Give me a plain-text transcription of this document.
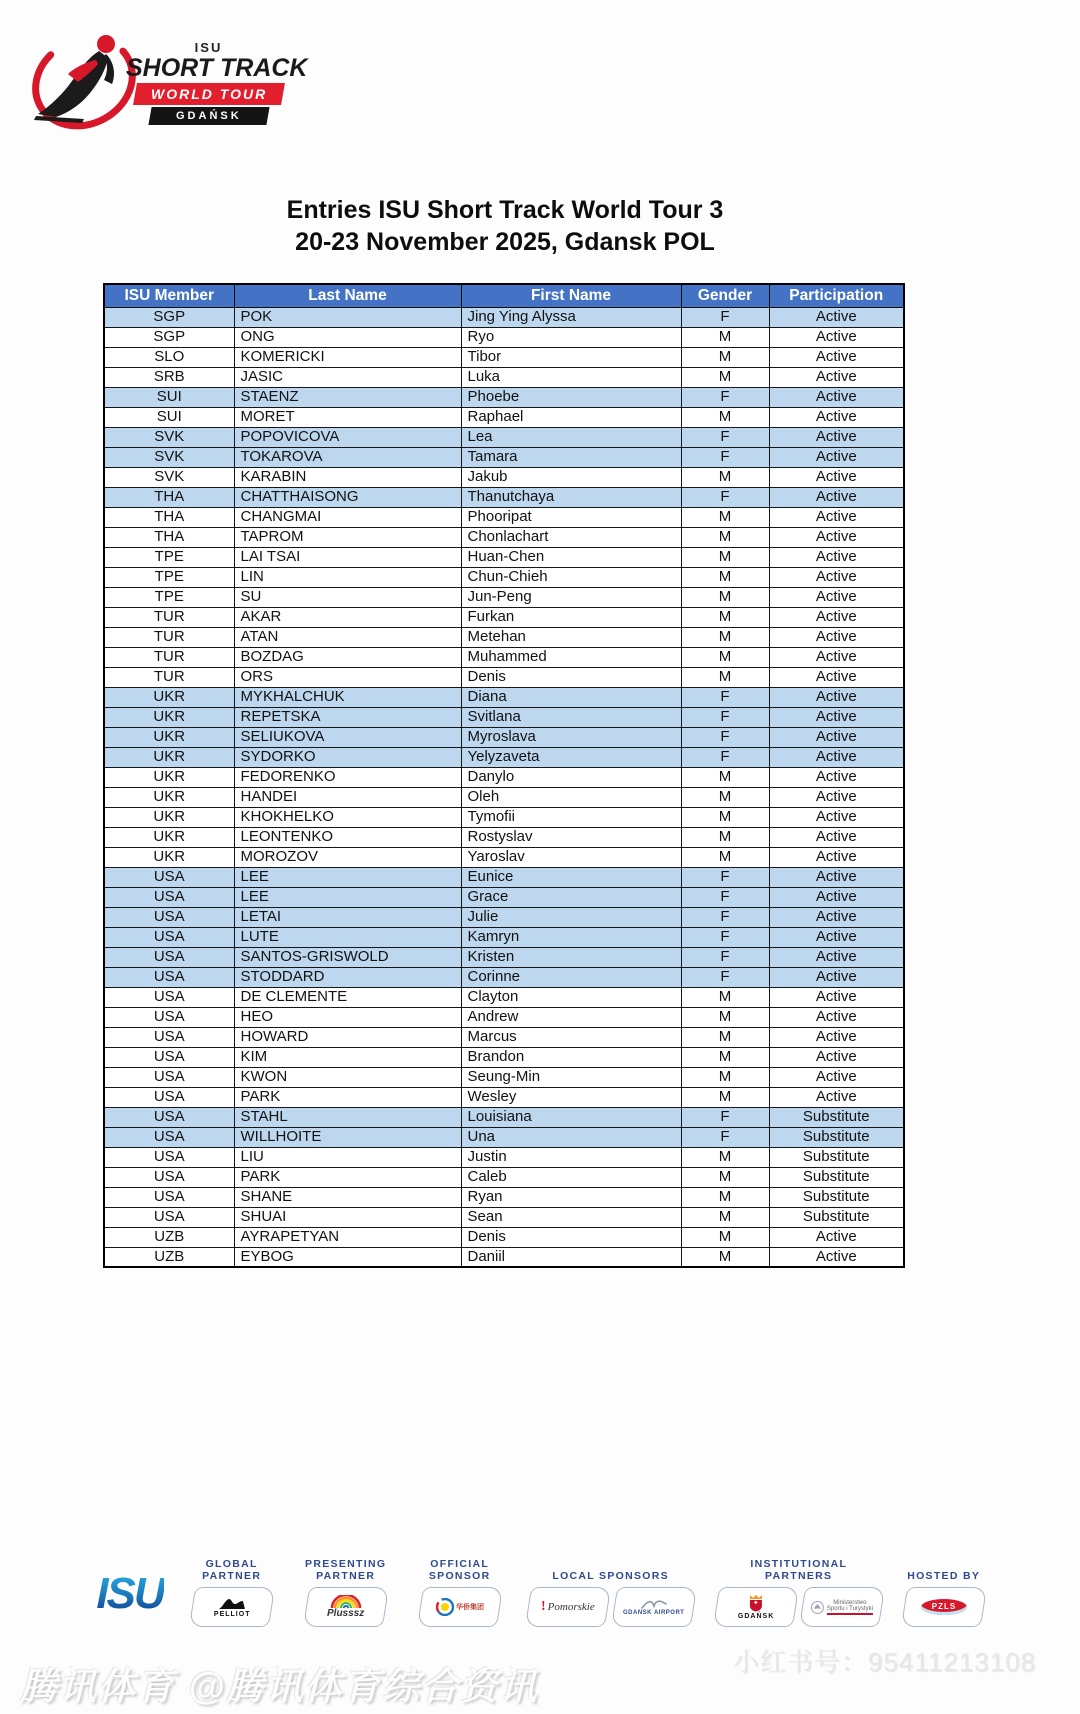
ISU
SHORT TRACK
WORLD TOUR
GDAŃSK
Entries ISU Short Track World Tour 3
20-23 November 2025, Gdansk POL
ISU Member	Last Name	First Name	Gender	Participation
SGP	POK	Jing Ying Alyssa	F	Active
SGP	ONG	Ryo	M	Active
SLO	KOMERICKI	Tibor	M	Active
SRB	JASIC	Luka	M	Active
SUI	STAENZ	Phoebe	F	Active
SUI	MORET	Raphael	M	Active
SVK	POPOVICOVA	Lea	F	Active
SVK	TOKAROVA	Tamara	F	Active
SVK	KARABIN	Jakub	M	Active
THA	CHATTHAISONG	Thanutchaya	F	Active
THA	CHANGMAI	Phooripat	M	Active
THA	TAPROM	Chonlachart	M	Active
TPE	LAI TSAI	Huan-Chen	M	Active
TPE	LIN	Chun-Chieh	M	Active
TPE	SU	Jun-Peng	M	Active
TUR	AKAR	Furkan	M	Active
TUR	ATAN	Metehan	M	Active
TUR	BOZDAG	Muhammed	M	Active
TUR	ORS	Denis	M	Active
UKR	MYKHALCHUK	Diana	F	Active
UKR	REPETSKA	Svitlana	F	Active
UKR	SELIUKOVA	Myroslava	F	Active
UKR	SYDORKO	Yelyzaveta	F	Active
UKR	FEDORENKO	Danylo	M	Active
UKR	HANDEI	Oleh	M	Active
UKR	KHOKHELKO	Tymofii	M	Active
UKR	LEONTENKO	Rostyslav	M	Active
UKR	MOROZOV	Yaroslav	M	Active
USA	LEE	Eunice	F	Active
USA	LEE	Grace	F	Active
USA	LETAI	Julie	F	Active
USA	LUTE	Kamryn	F	Active
USA	SANTOS-GRISWOLD	Kristen	F	Active
USA	STODDARD	Corinne	F	Active
USA	DE CLEMENTE	Clayton	M	Active
USA	HEO	Andrew	M	Active
USA	HOWARD	Marcus	M	Active
USA	KIM	Brandon	M	Active
USA	KWON	Seung-Min	M	Active
USA	PARK	Wesley	M	Active
USA	STAHL	Louisiana	F	Substitute
USA	WILLHOITE	Una	F	Substitute
USA	LIU	Justin	M	Substitute
USA	PARK	Caleb	M	Substitute
USA	SHANE	Ryan	M	Substitute
USA	SHUAI	Sean	M	Substitute
UZB	AYRAPETYAN	Denis	M	Active
UZB	EYBOG	Daniil	M	Active
ISU
GLOBAL PARTNER
PELLIOT
PRESENTING PARTNER
Plusssz
OFFICIAL SPONSOR
华侨集团
LOCAL SPONSORS
! Pomorskie	GDANSK AIRPORT
INSTITUTIONAL PARTNERS
GDAŃSK
Ministerstwo
Sportu i Turystyki
HOSTED BY
PZLS
腾讯体育 @腾讯体育综合资讯
小红书号：95411213108
